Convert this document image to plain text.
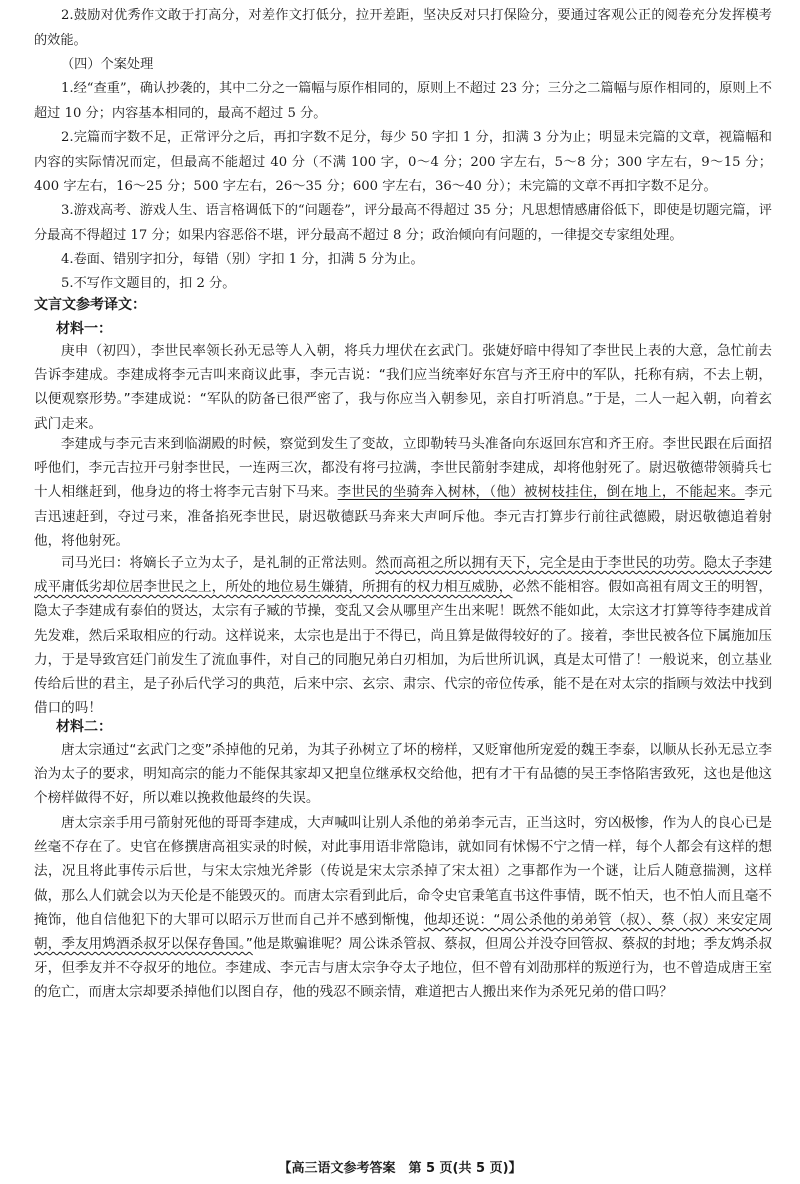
2.鼓励对优秀作文敢于打高分，对差作文打低分，拉开差距，坚决反对只打保险分，要通过客观公正的阅卷充分发挥模考的效能。

（四）个案处理

1.经“查重”，确认抄袭的，其中二分之一篇幅与原作相同的，原则上不超过 23 分；三分之二篇幅与原作相同的，原则上不超过 10 分；内容基本相同的，最高不超过 5 分。

2.完篇而字数不足，正常评分之后，再扣字数不足分，每少 50 字扣 1 分，扣满 3 分为止；明显未完篇的文章，视篇幅和内容的实际情况而定，但最高不能超过 40 分（不满 100 字，0～4 分；200 字左右，5～8 分；300 字左右，9～15 分；400 字左右，16～25 分；500 字左右，26～35 分；600 字左右，36～40 分）；未完篇的文章不再扣字数不足分。

3.游戏高考、游戏人生、语言格调低下的“问题卷”，评分最高不得超过 35 分；凡思想情感庸俗低下，即使是切题完篇，评分最高不得超过 17 分；如果内容恶俗不堪，评分最高不超过 8 分；政治倾向有问题的，一律提交专家组处理。

4.卷面、错别字扣分，每错（别）字扣 1 分，扣满 5 分为止。

5.不写作文题目的，扣 2 分。

文言文参考译文：

材料一：

庚申（初四），李世民率领长孙无忌等人入朝，将兵力埋伏在玄武门。张婕妤暗中得知了李世民上表的大意，急忙前去告诉李建成。李建成将李元吉叫来商议此事，李元吉说：“我们应当统率好东宫与齐王府中的军队，托称有病，不去上朝，以便观察形势。”李建成说：“军队的防备已很严密了，我与你应当入朝参见，亲自打听消息。”于是，二人一起入朝，向着玄武门走来。

李建成与李元吉来到临湖殿的时候，察觉到发生了变故，立即勒转马头准备向东返回东宫和齐王府。李世民跟在后面招呼他们，李元吉拉开弓射李世民，一连两三次，都没有将弓拉满，李世民箭射李建成，却将他射死了。尉迟敬德带领骑兵七十人相继赶到，他身边的将士将李元吉射下马来。李世民的坐骑奔入树林，（他）被树枝挂住，倒在地上，不能起来。李元吉迅速赶到，夺过弓来，准备掐死李世民，尉迟敬德跃马奔来大声呵斥他。李元吉打算步行前往武德殿，尉迟敬德追着射他，将他射死。

司马光曰：将嫡长子立为太子，是礼制的正常法则。然而高祖之所以拥有天下，完全是由于李世民的功劳。隐太子李建成平庸低劣却位居李世民之上，所处的地位易生嫌猜，所拥有的权力相互威胁，必然不能相容。假如高祖有周文王的明智，隐太子李建成有泰伯的贤达，太宗有子臧的节操，变乱又会从哪里产生出来呢！既然不能如此，太宗这才打算等待李建成首先发难，然后采取相应的行动。这样说来，太宗也是出于不得已，尚且算是做得较好的了。接着，李世民被各位下属施加压力，于是导致宫廷门前发生了流血事件，对自己的同胞兄弟白刃相加，为后世所讥讽，真是太可惜了！一般说来，创立基业传给后世的君主，是子孙后代学习的典范，后来中宗、玄宗、肃宗、代宗的帝位传承，能不是在对太宗的指顾与效法中找到借口的吗！

材料二：

唐太宗通过“玄武门之变”杀掉他的兄弟，为其子孙树立了坏的榜样，又贬窜他所宠爱的魏王李泰，以顺从长孙无忌立李治为太子的要求，明知高宗的能力不能保其家却又把皇位继承权交给他，把有才干有品德的吴王李恪陷害致死，这也是他这个榜样做得不好，所以难以挽救他最终的失误。

唐太宗亲手用弓箭射死他的哥哥李建成，大声喊叫让别人杀他的弟弟李元吉，正当这时，穷凶极惨，作为人的良心已是丝毫不存在了。史官在修撰唐高祖实录的时候，对此事用语非常隐讳，就如同有怵惕不宁之情一样，每个人都会有这样的想法，况且将此事传示后世，与宋太宗烛光斧影（传说是宋太宗杀掉了宋太祖）之事都作为一个谜，让后人随意揣测，这样做，那么人们就会以为天伦是不能毁灭的。而唐太宗看到此后，命令史官秉笔直书这件事情，既不怕天，也不怕人而且毫不掩饰，他自信他犯下的大罪可以昭示万世而自己并不感到惭愧，他却还说：“周公杀他的弟弟管（叔）、蔡（叔）来安定周朝，季友用鸩酒杀叔牙以保存鲁国。”他是欺骗谁呢？周公诛杀管叔、蔡叔，但周公并没夺回管叔、蔡叔的封地；季友鸩杀叔牙，但季友并不夺叔牙的地位。李建成、李元吉与唐太宗争夺太子地位，但不曾有刘劭那样的叛逆行为，也不曾造成唐王室的危亡，而唐太宗却要杀掉他们以图自存，他的残忍不顾亲情，难道把古人搬出来作为杀死兄弟的借口吗？

【高三语文参考答案　第 5 页(共 5 页)】
